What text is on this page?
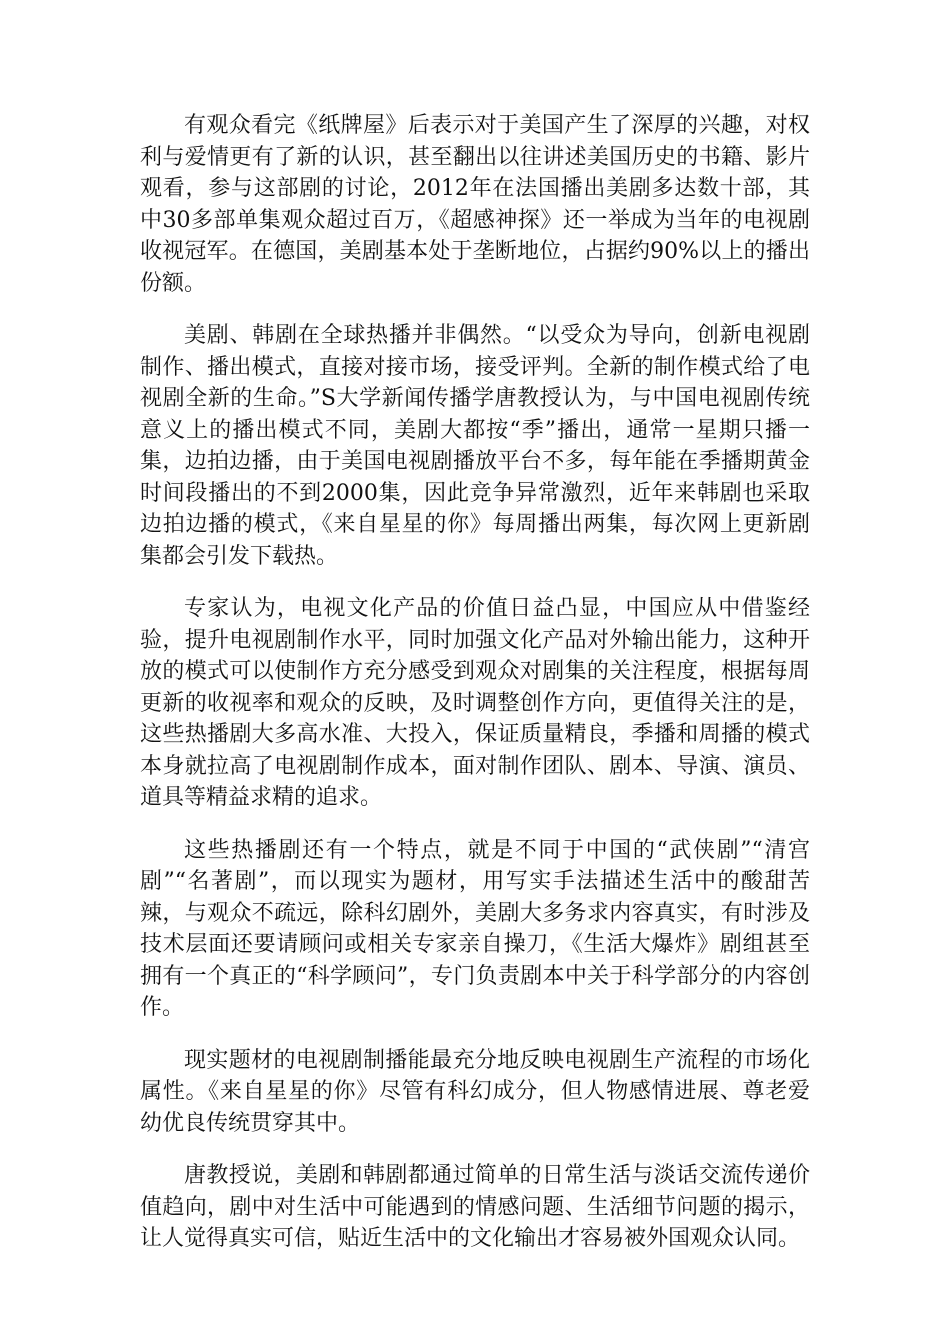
有观众看完《纸牌屋》后表示对于美国产生了深厚的兴趣，对权利与爱情更有了新的认识，甚至翻出以往讲述美国历史的书籍、影片观看，参与这部剧的讨论，2012年在法国播出美剧多达数十部，其中30多部单集观众超过百万，《超感神探》还一举成为当年的电视剧收视冠军。在德国，美剧基本处于垄断地位，占据约90%以上的播出份额。

美剧、韩剧在全球热播并非偶然。“以受众为导向，创新电视剧制作、播出模式，直接对接市场，接受评判。全新的制作模式给了电视剧全新的生命。”S大学新闻传播学唐教授认为，与中国电视剧传统意义上的播出模式不同，美剧大都按“季”播出，通常一星期只播一集，边拍边播，由于美国电视剧播放平台不多，每年能在季播期黄金时间段播出的不到2000集，因此竞争异常激烈，近年来韩剧也采取边拍边播的模式，《来自星星的你》每周播出两集，每次网上更新剧集都会引发下载热。

专家认为，电视文化产品的价值日益凸显，中国应从中借鉴经验，提升电视剧制作水平，同时加强文化产品对外输出能力，这种开放的模式可以使制作方充分感受到观众对剧集的关注程度，根据每周更新的收视率和观众的反映，及时调整创作方向，更值得关注的是，这些热播剧大多高水准、大投入，保证质量精良，季播和周播的模式本身就拉高了电视剧制作成本，面对制作团队、剧本、导演、演员、道具等精益求精的追求。

这些热播剧还有一个特点，就是不同于中国的“武侠剧”“清宫剧”“名著剧”，而以现实为题材，用写实手法描述生活中的酸甜苦辣，与观众不疏远，除科幻剧外，美剧大多务求内容真实，有时涉及技术层面还要请顾问或相关专家亲自操刀，《生活大爆炸》剧组甚至拥有一个真正的“科学顾问”，专门负责剧本中关于科学部分的内容创作。

现实题材的电视剧制播能最充分地反映电视剧生产流程的市场化属性。《来自星星的你》尽管有科幻成分，但人物感情进展、尊老爱幼优良传统贯穿其中。

唐教授说，美剧和韩剧都通过简单的日常生活与淡话交流传递价值趋向，剧中对生活中可能遇到的情感问题、生活细节问题的揭示，让人觉得真实可信，贴近生活中的文化输出才容易被外国观众认同。
